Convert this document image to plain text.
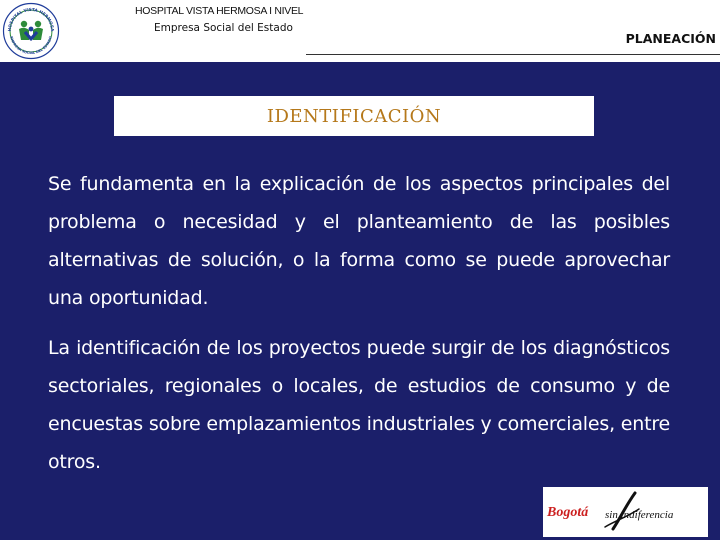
HOSPITAL VISTA HERMOSA
EMPRESA SOCIAL DEL ESTADO
HOSPITAL VISTA HERMOSA I NIVEL
Empresa Social del Estado
PLANEACIÓN
IDENTIFICACIÓN

Se fundamenta en la explicación de los aspectos principales del problema o necesidad y el planteamiento de las posibles alternativas de solución, o la forma como se puede aprovechar una oportunidad.

La identificación de los proyectos puede surgir de los diagnósticos sectoriales, regionales o locales, de estudios de consumo y de encuestas sobre emplazamientos industriales y comerciales, entre otros.

Bogotá sin indiferencia
